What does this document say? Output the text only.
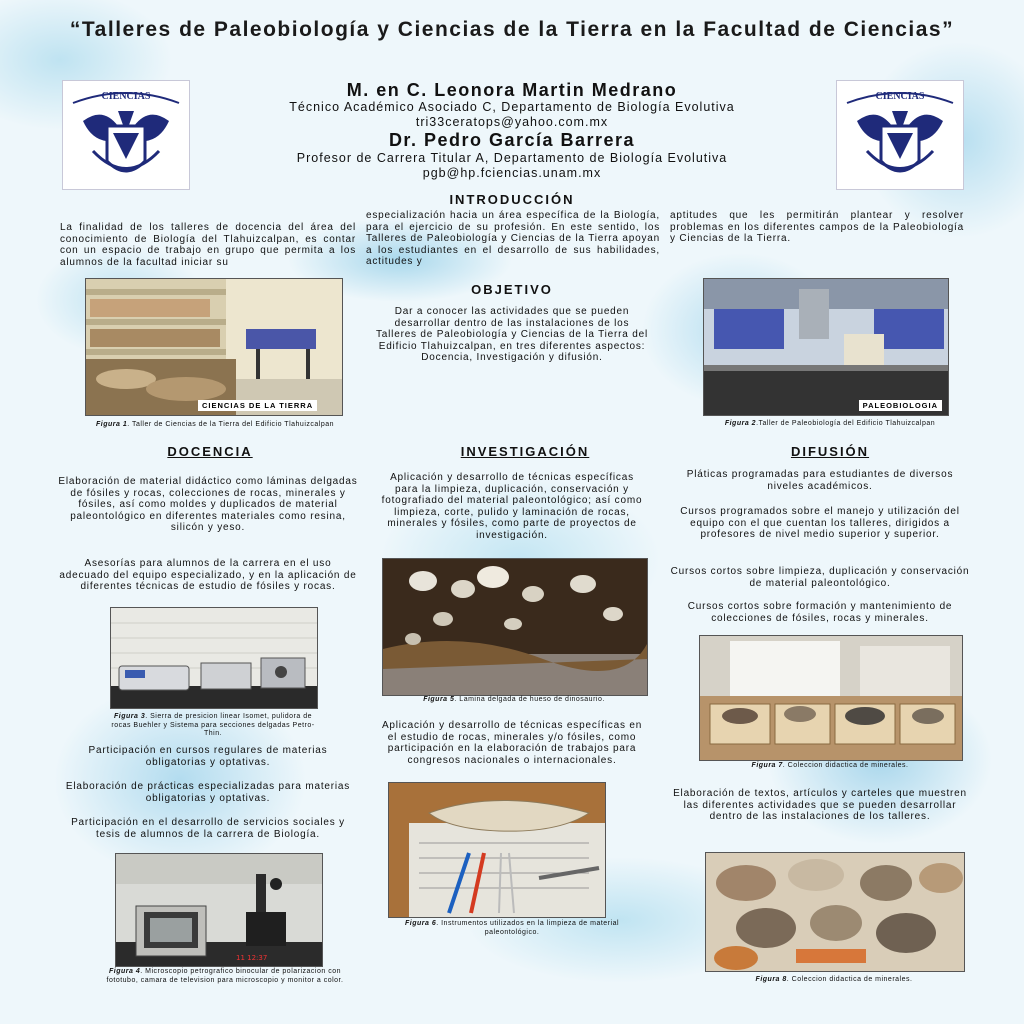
“Talleres de Paleobiología y Ciencias de la Tierra en la Facultad de Ciencias”
CIENCIAS	CIENCIAS
M. en C. Leonora Martin Medrano
Técnico Académico Asociado C, Departamento de Biología Evolutiva
tri33ceratops@yahoo.com.mx
Dr. Pedro García Barrera
Profesor de Carrera Titular A, Departamento de Biología Evolutiva
pgb@hp.fciencias.unam.mx
INTRODUCCIÓN
La finalidad de los talleres de docencia del área del conocimiento de Biología del Tlahuizcalpan, es contar con un espacio de trabajo en grupo que permita a los alumnos de la facultad iniciar su
especialización hacia un área específica de la Biología, para el ejercicio de su profesión. En este sentido, los Talleres de Paleobiología y Ciencias de la Tierra apoyan a los estudiantes en el desarrollo de sus habilidades, actitudes y
aptitudes que les permitirán plantear y resolver problemas en los diferentes campos de la Paleobiología y Ciencias de la Tierra.
CIENCIAS DE LA TIERRA
Figura 1. Taller de Ciencias de la Tierra del Edificio Tlahuizcalpan
OBJETIVO
Dar a conocer las actividades que se pueden desarrollar dentro de las instalaciones de los Talleres de Paleobiología y Ciencias de la Tierra del Edificio Tlahuizcalpan, en tres diferentes aspectos: Docencia, Investigación y difusión.
PALEOBIOLOGIA
Figura 2.Taller de Paleobiología del Edificio Tlahuizcalpan
DOCENCIA	INVESTIGACIÓN	DIFUSIÓN
Elaboración de material didáctico como láminas delgadas de fósiles y rocas, colecciones de rocas, minerales y fósiles, así como moldes y duplicados de material paleontológico en diferentes materiales como resina, silicón y yeso.
Asesorías para alumnos de la carrera en el uso adecuado del equipo especializado, y en la aplicación de diferentes técnicas de estudio de fósiles y rocas.
Figura 3. Sierra de presicion linear Isomet, pulidora de rocas Buehler y Sistema para secciones delgadas Petro-Thin.
Participación en cursos regulares de materias obligatorias y optativas.
Elaboración de prácticas especializadas para materias obligatorias y optativas.
Participación en el desarrollo de servicios sociales y tesis de alumnos de la carrera de Biología.
11 12:37
Figura 4. Microscopio petrografico binocular de polarizacion con fototubo, camara de television para microscopio y monitor a color.
Aplicación y desarrollo de técnicas específicas para la limpieza, duplicación, conservación y fotografiado del material paleontológico; así como limpieza, corte, pulido y laminación de rocas, minerales y fósiles, como parte de proyectos de investigación.
Figura 5. Lamina delgada de hueso de dinosaurio.
Aplicación y desarrollo de técnicas específicas en el estudio de rocas, minerales y/o fósiles, como participación en la elaboración de trabajos para congresos nacionales o internacionales.
Figura 6. Instrumentos utilizados en la limpieza de material paleontológico.
Pláticas programadas para estudiantes de diversos niveles académicos.
Cursos programados sobre el manejo y utilización del equipo con el que cuentan los talleres, dirigidos a profesores de nivel medio superior y superior.
Cursos cortos sobre limpieza, duplicación y conservación de material paleontológico.
Cursos cortos sobre formación y mantenimiento de colecciones de fósiles, rocas y minerales.
Figura 7. Coleccion didactica de minerales.
Elaboración de textos, artículos y carteles que muestren las diferentes actividades que se pueden desarrollar dentro de las instalaciones de los talleres.
Figura 8. Coleccion didactica de minerales.
